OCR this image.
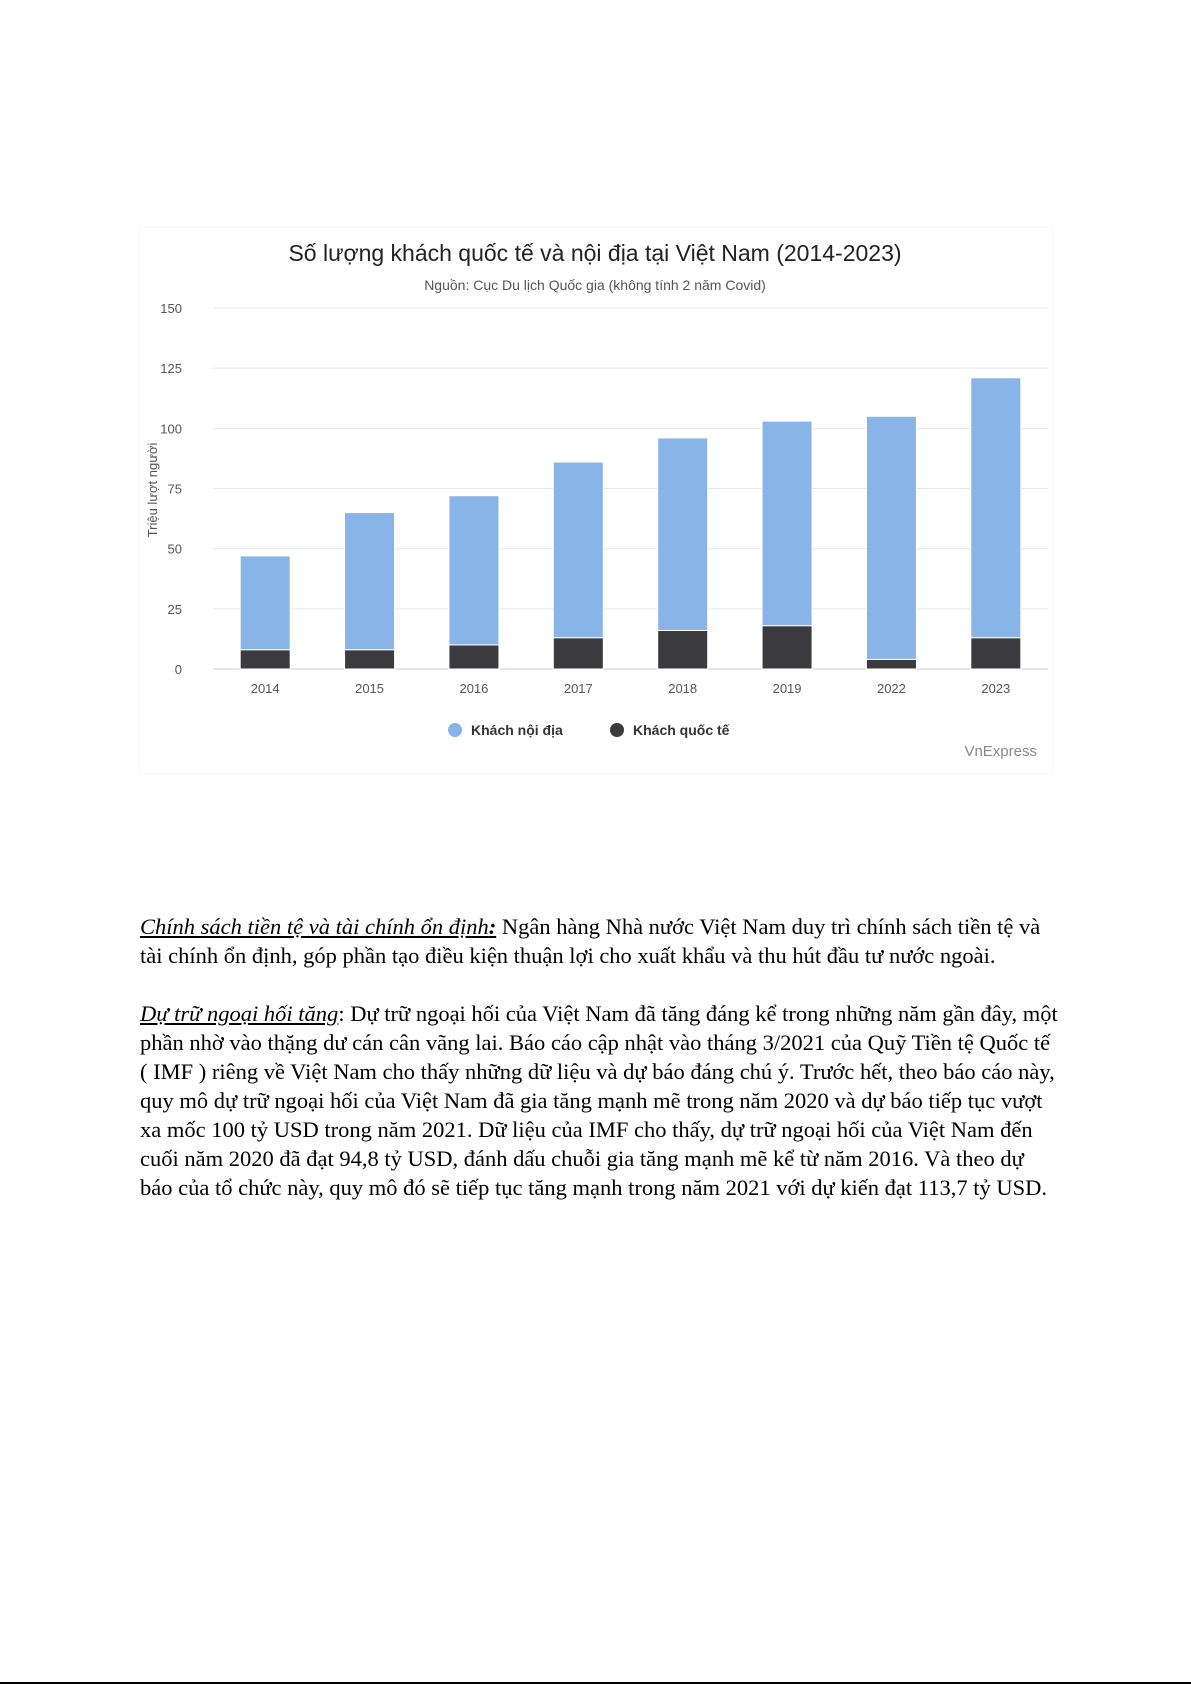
Số lượng khách quốc tế và nội địa tại Việt Nam (2014-2023)
Nguồn: Cục Du lịch Quốc gia (không tính 2 năm Covid)
0
25
50
75
100
125
150
Triệu lượt người
2014	2015	2016	2017	2018	2019	2022	2023
Khách nội địa	Khách quốc tế
VnExpress

Chính sách tiền tệ và tài chính ổn định: Ngân hàng Nhà nước Việt Nam duy trì chính sách tiền tệ và tài chính ổn định, góp phần tạo điều kiện thuận lợi cho xuất khẩu và thu hút đầu tư nước ngoài.

Dự trữ ngoại hối tăng: Dự trữ ngoại hối của Việt Nam đã tăng đáng kể trong những năm gần đây, một phần nhờ vào thặng dư cán cân vãng lai. Báo cáo cập nhật vào tháng 3/2021 của Quỹ Tiền tệ Quốc tế ( IMF ) riêng về Việt Nam cho thấy những dữ liệu và dự báo đáng chú ý. Trước hết, theo báo cáo này, quy mô dự trữ ngoại hối của Việt Nam đã gia tăng mạnh mẽ trong năm 2020 và dự báo tiếp tục vượt xa mốc 100 tỷ USD trong năm 2021. Dữ liệu của IMF cho thấy, dự trữ ngoại hối của Việt Nam đến cuối năm 2020 đã đạt 94,8 tỷ USD, đánh dấu chuỗi gia tăng mạnh mẽ kể từ năm 2016. Và theo dự báo của tổ chức này, quy mô đó sẽ tiếp tục tăng mạnh trong năm 2021 với dự kiến đạt 113,7 tỷ USD.
